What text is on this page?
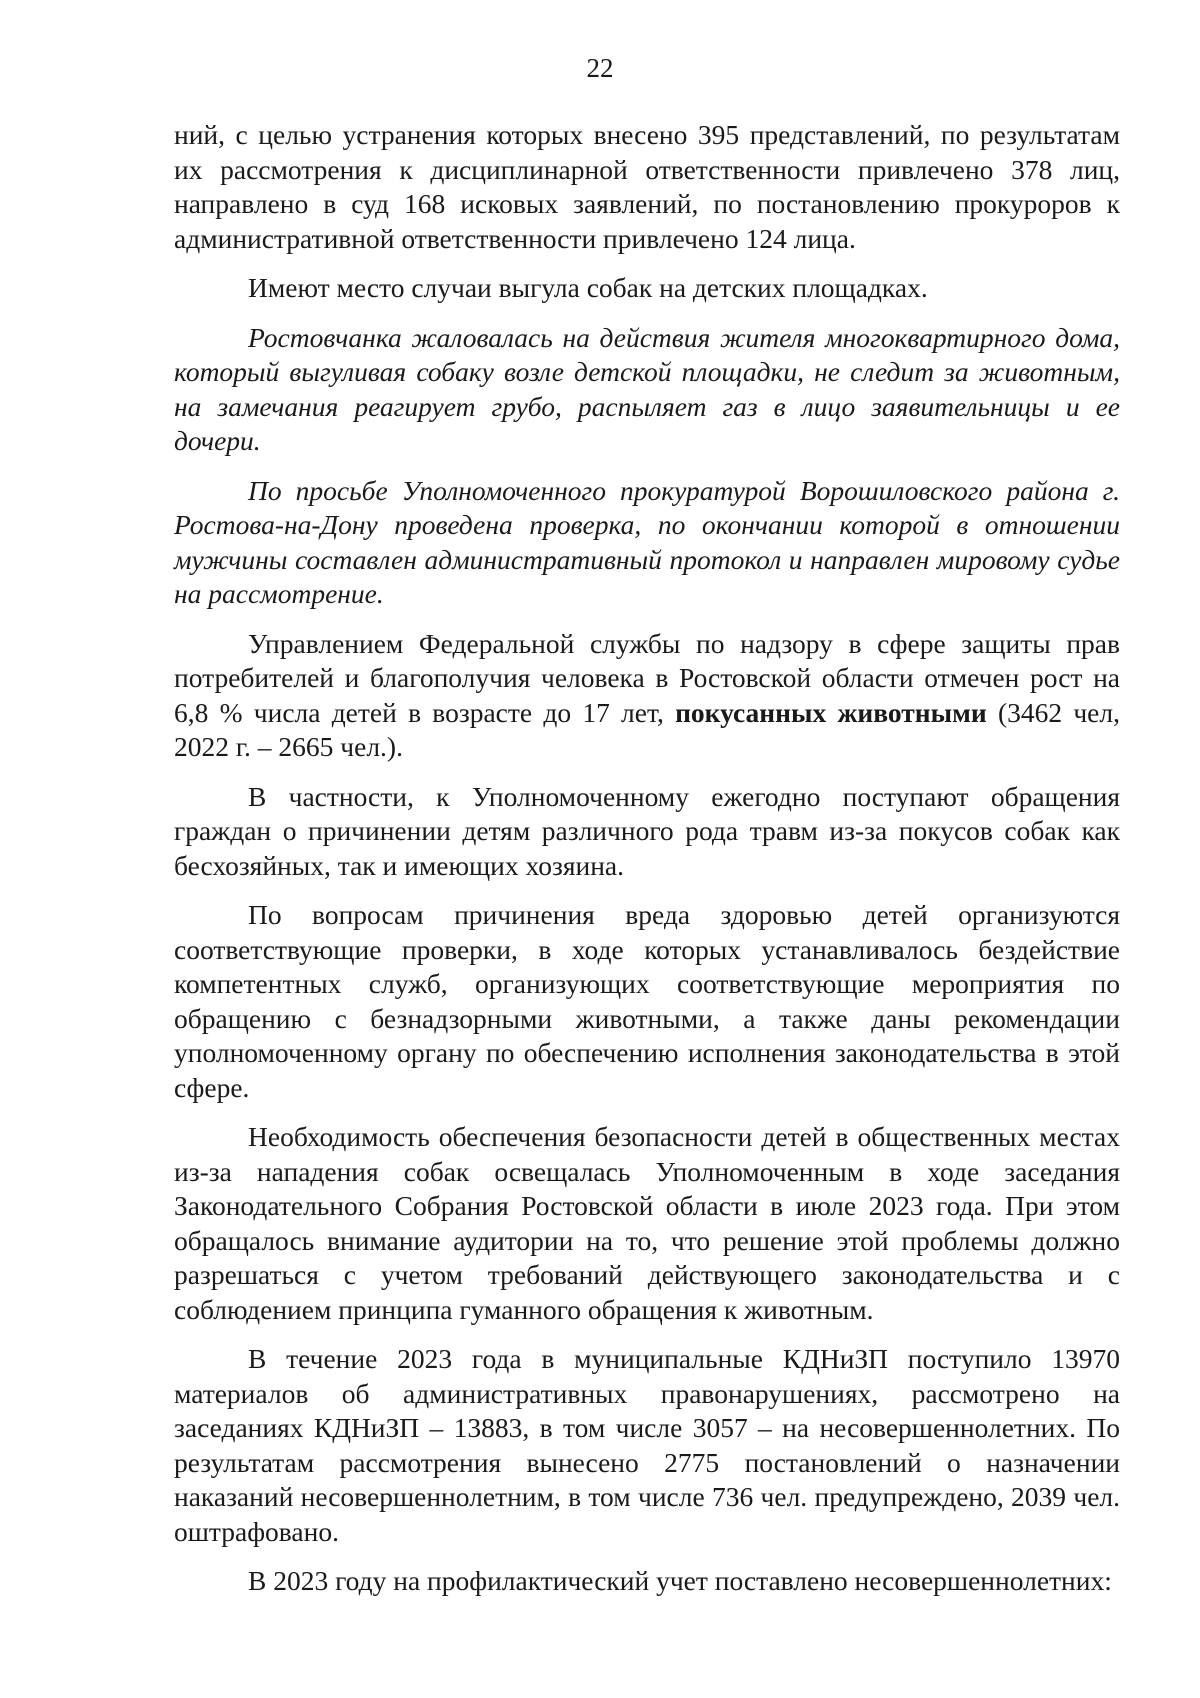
22

ний, с целью устранения которых внесено 395 представлений, по результатам их рассмотрения к дисциплинарной ответственности привлечено 378 лиц, направлено в суд 168 исковых заявлений, по постановлению прокуроров к административной ответственности привлечено 124 лица.

Имеют место случаи выгула собак на детских площадках.

Ростовчанка жаловалась на действия жителя многоквартирного дома, который выгуливая собаку возле детской площадки, не следит за животным, на замечания реагирует грубо, распыляет газ в лицо заявительницы и ее дочери.

По просьбе Уполномоченного прокуратурой Ворошиловского района г. Ростова-на-Дону проведена проверка, по окончании которой в отношении мужчины составлен административный протокол и направлен мировому судье на рассмотрение.

Управлением Федеральной службы по надзору в сфере защиты прав потребителей и благополучия человека в Ростовской области отмечен рост на 6,8 % числа детей в возрасте до 17 лет, покусанных животными (3462 чел, 2022 г. – 2665 чел.).

В частности, к Уполномоченному ежегодно поступают обращения граждан о причинении детям различного рода травм из-за покусов собак как бесхозяйных, так и имеющих хозяина.

По вопросам причинения вреда здоровью детей организуются соответствующие проверки, в ходе которых устанавливалось бездействие компетентных служб, организующих соответствующие мероприятия по обращению с безнадзорными животными, а также даны рекомендации уполномоченному органу по обеспечению исполнения законодательства в этой сфере.

Необходимость обеспечения безопасности детей в общественных местах из-за нападения собак освещалась Уполномоченным в ходе заседания Законодательного Собрания Ростовской области в июле 2023 года. При этом обращалось внимание аудитории на то, что решение этой проблемы должно разрешаться с учетом требований действующего законодательства и с соблюдением принципа гуманного обращения к животным.

В течение 2023 года в муниципальные КДНиЗП поступило 13970 материалов об административных правонарушениях, рассмотрено на заседаниях КДНиЗП – 13883, в том числе 3057 – на несовершеннолетних. По результатам рассмотрения вынесено 2775 постановлений о назначении наказаний несовершеннолетним, в том числе 736 чел. предупреждено, 2039 чел. оштрафовано.

В 2023 году на профилактический учет поставлено несовершеннолетних:
